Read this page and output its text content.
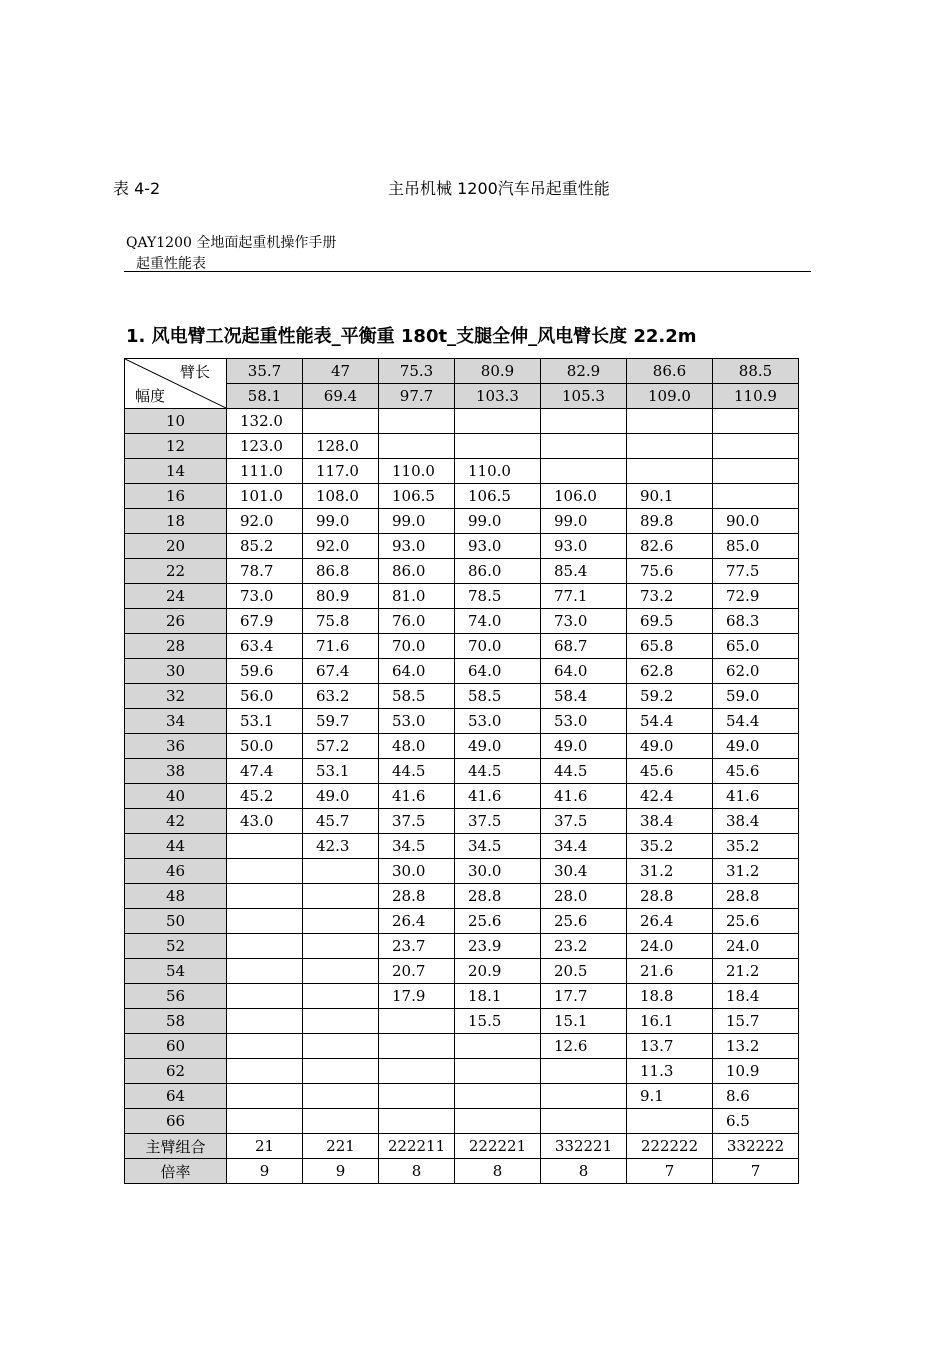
表 4-2	主吊机械 1200汽车吊起重性能
QAY1200 全地面起重机操作手册
起重性能表
1. 风电臂工况起重性能表_平衡重 180t_支腿全伸_风电臂长度 22.2m
臂长
幅度	35.7	47	75.3	80.9	82.9	86.6	88.5
	58.1	69.4	97.7	103.3	105.3	109.0	110.9
10	132.0						
12	123.0	128.0					
14	111.0	117.0	110.0	110.0			
16	101.0	108.0	106.5	106.5	106.0	90.1	
18	92.0	99.0	99.0	99.0	99.0	89.8	90.0
20	85.2	92.0	93.0	93.0	93.0	82.6	85.0
22	78.7	86.8	86.0	86.0	85.4	75.6	77.5
24	73.0	80.9	81.0	78.5	77.1	73.2	72.9
26	67.9	75.8	76.0	74.0	73.0	69.5	68.3
28	63.4	71.6	70.0	70.0	68.7	65.8	65.0
30	59.6	67.4	64.0	64.0	64.0	62.8	62.0
32	56.0	63.2	58.5	58.5	58.4	59.2	59.0
34	53.1	59.7	53.0	53.0	53.0	54.4	54.4
36	50.0	57.2	48.0	49.0	49.0	49.0	49.0
38	47.4	53.1	44.5	44.5	44.5	45.6	45.6
40	45.2	49.0	41.6	41.6	41.6	42.4	41.6
42	43.0	45.7	37.5	37.5	37.5	38.4	38.4
44		42.3	34.5	34.5	34.4	35.2	35.2
46			30.0	30.0	30.4	31.2	31.2
48			28.8	28.8	28.0	28.8	28.8
50			26.4	25.6	25.6	26.4	25.6
52			23.7	23.9	23.2	24.0	24.0
54			20.7	20.9	20.5	21.6	21.2
56			17.9	18.1	17.7	18.8	18.4
58				15.5	15.1	16.1	15.7
60					12.6	13.7	13.2
62						11.3	10.9
64						9.1	8.6
66							6.5
主臂组合	21	221	222211	222221	332221	222222	332222
倍率	9	9	8	8	8	7	7
